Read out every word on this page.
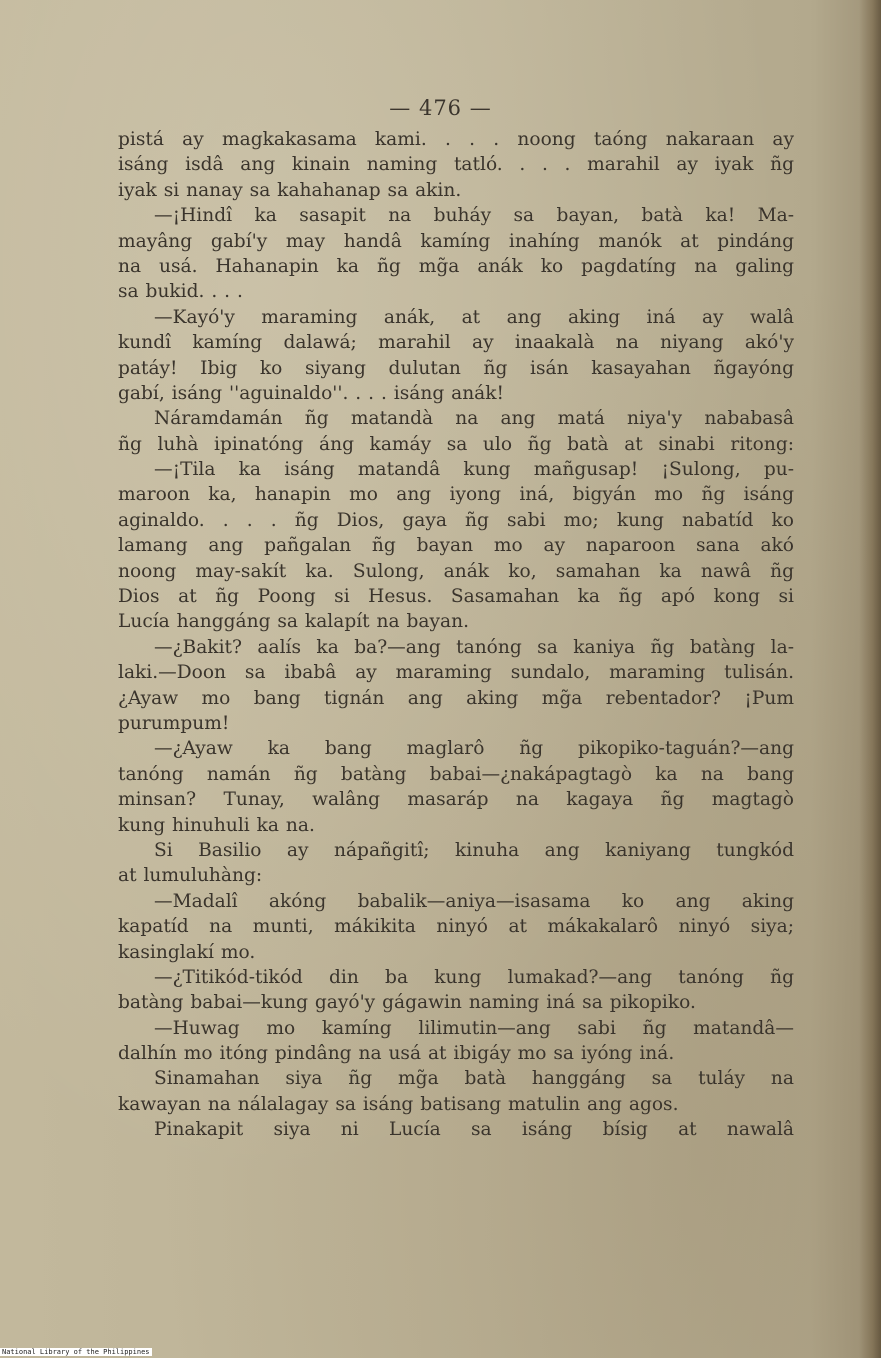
— 476 —
pistá ay magkakasama kami. . . . noong taóng nakaraan ay
isáng isdâ ang kinain naming tatló. . . . marahil ay iyak ñg
iyak si nanay sa kahahanap sa akin.
—¡Hindî ka sasapit na buháy sa bayan, batà ka! Ma-
mayâng gabí'y may handâ kamíng inahíng manók at pindáng
na usá. Hahanapin ka ñg mg̃a anák ko pagdatíng na galing
sa bukid. . . .
—Kayó'y maraming anák, at ang aking iná ay walâ
kundî kamíng dalawá; marahil ay inaakalà na niyang akó'y
patáy! Ibig ko siyang dulutan ñg isán kasayahan ñgayóng
gabí, isáng ''aguinaldo''. . . . isáng anák!
Náramdamán ñg matandà na ang matá niya'y nababasâ
ñg luhà ipinatóng áng kamáy sa ulo ñg batà at sinabi ritong:
—¡Tila ka isáng matandâ kung mañgusap! ¡Sulong, pu-
maroon ka, hanapin mo ang iyong iná, bigyán mo ñg isáng
aginaldo. . . . ñg Dios, gaya ñg sabi mo; kung nabatíd ko
lamang ang pañgalan ñg bayan mo ay naparoon sana akó
noong may-sakít ka. Sulong, anák ko, samahan ka nawâ ñg
Dios at ñg Poong si Hesus. Sasamahan ka ñg apó kong si
Lucía hanggáng sa kalapít na bayan.
—¿Bakit? aalís ka ba?—ang tanóng sa kaniya ñg batàng la-
laki.—Doon sa ibabâ ay maraming sundalo, maraming tulisán.
¿Ayaw mo bang tignán ang aking mg̃a rebentador? ¡Pum
purumpum!
—¿Ayaw ka bang maglarô ñg pikopiko-taguán?—ang
tanóng namán ñg batàng babai—¿nakápagtagò ka na bang
minsan? Tunay, walâng masaráp na kagaya ñg magtagò
kung hinuhuli ka na.
Si Basilio ay nápañgitî; kinuha ang kaniyang tungkód
at lumuluhàng:
—Madalî akóng babalik—aniya—isasama ko ang aking
kapatíd na munti, mákikita ninyó at mákakalarô ninyó siya;
kasinglakí mo.
—¿Titikód-tikód din ba kung lumakad?—ang tanóng ñg
batàng babai—kung gayó'y gágawin naming iná sa pikopiko.
—Huwag mo kamíng lilimutin—ang sabi ñg matandâ—
dalhín mo itóng pindâng na usá at ibigáy mo sa iyóng iná.
Sinamahan siya ñg mg̃a batà hanggáng sa tuláy na
kawayan na nálalagay sa isáng batisang matulin ang agos.
Pinakapit siya ni Lucía sa isáng bísig at nawalâ
National Library of the Philippines
